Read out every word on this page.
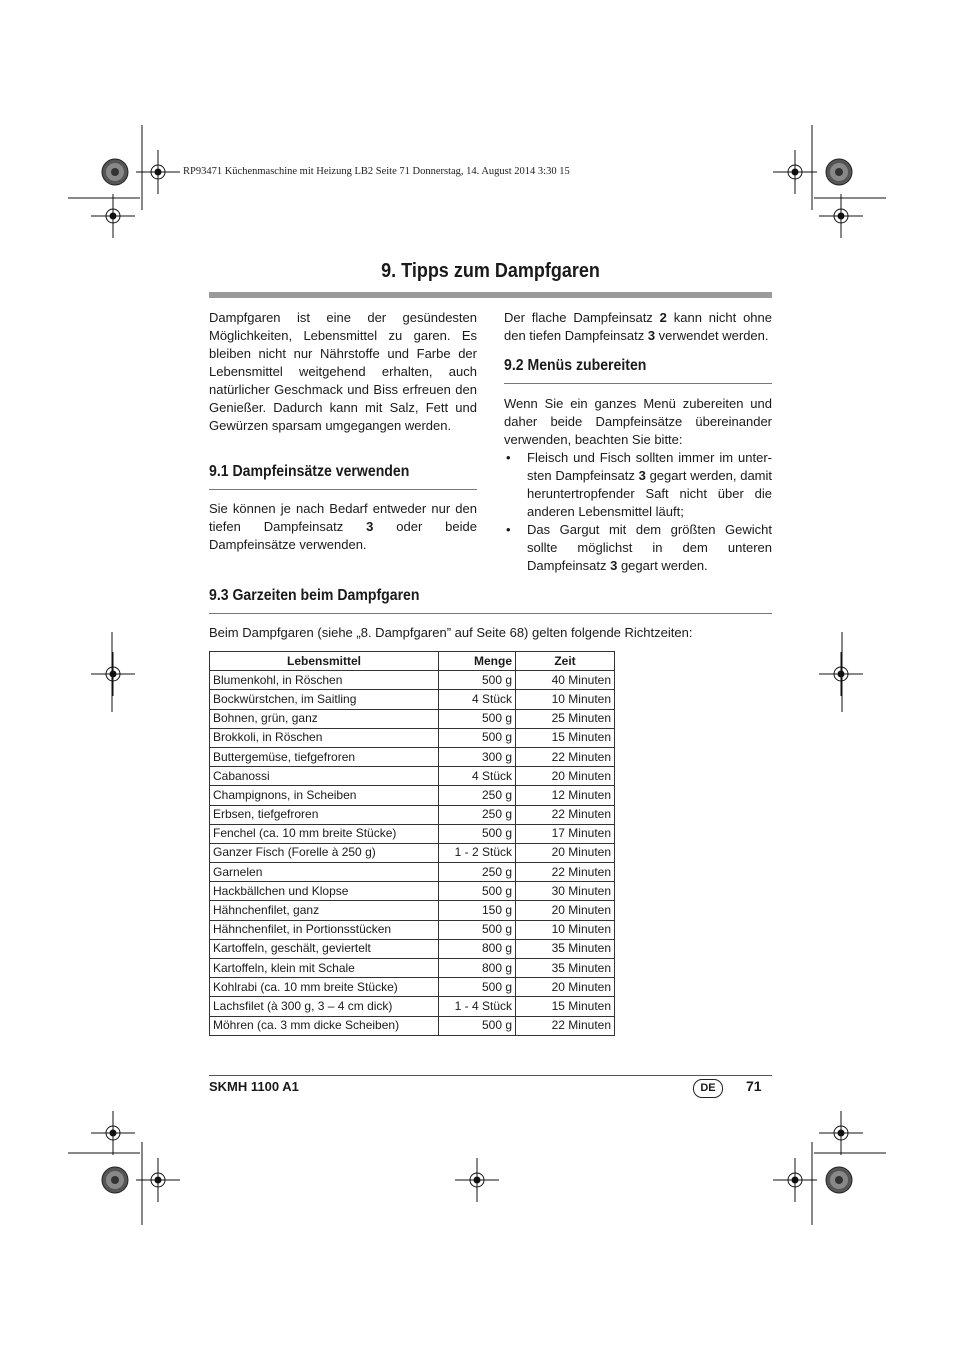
RP93471 Küchenmaschine mit Heizung LB2 Seite 71 Donnerstag, 14. August 2014 3:30 15
9. Tipps zum Dampfgaren

Dampfgaren ist eine der gesündesten Möglichkeiten, Lebensmittel zu garen. Es bleiben nicht nur Nährstoffe und Farbe der Lebensmittel weitgehend erhalten, auch natürlicher Geschmack und Biss erfreuen den Genießer. Dadurch kann mit Salz, Fett und Gewürzen sparsam umgegangen werden.

9.1 Dampfeinsätze verwenden

Sie können je nach Bedarf entweder nur den tiefen Dampfeinsatz 3 oder beide Dampfeinsätze verwenden.

Der flache Dampfeinsatz 2 kann nicht ohne den tiefen Dampfeinsatz 3 verwendet werden.

9.2 Menüs zubereiten

Wenn Sie ein ganzes Menü zubereiten und daher beide Dampfeinsätze übereinander verwenden, beachten Sie bitte:

• Fleisch und Fisch sollten immer im untersten Dampfeinsatz 3 gegart werden, damit heruntertropfender Saft nicht über die anderen Lebensmittel läuft;
• Das Gargut mit dem größten Gewicht sollte möglichst in dem unteren Dampfeinsatz 3 gegart werden.
9.3 Garzeiten beim Dampfgaren
Beim Dampfgaren (siehe „8. Dampfgaren” auf Seite 68) gelten folgende Richtzeiten:
Lebensmittel	Menge	Zeit
Blumenkohl, in Röschen	500 g	40 Minuten
Bockwürstchen, im Saitling	4 Stück	10 Minuten
Bohnen, grün, ganz	500 g	25 Minuten
Brokkoli, in Röschen	500 g	15 Minuten
Buttergemüse, tiefgefroren	300 g	22 Minuten
Cabanossi	4 Stück	20 Minuten
Champignons, in Scheiben	250 g	12 Minuten
Erbsen, tiefgefroren	250 g	22 Minuten
Fenchel (ca. 10 mm breite Stücke)	500 g	17 Minuten
Ganzer Fisch (Forelle à 250 g)	1 - 2 Stück	20 Minuten
Garnelen	250 g	22 Minuten
Hackbällchen und Klopse	500 g	30 Minuten
Hähnchenfilet, ganz	150 g	20 Minuten
Hähnchenfilet, in Portionsstücken	500 g	10 Minuten
Kartoffeln, geschält, geviertelt	800 g	35 Minuten
Kartoffeln, klein mit Schale	800 g	35 Minuten
Kohlrabi (ca. 10 mm breite Stücke)	500 g	20 Minuten
Lachsfilet (à 300 g, 3 – 4 cm dick)	1 - 4 Stück	15 Minuten
Möhren (ca. 3 mm dicke Scheiben)	500 g	22 Minuten
SKMH 1100 A1	DE	71
